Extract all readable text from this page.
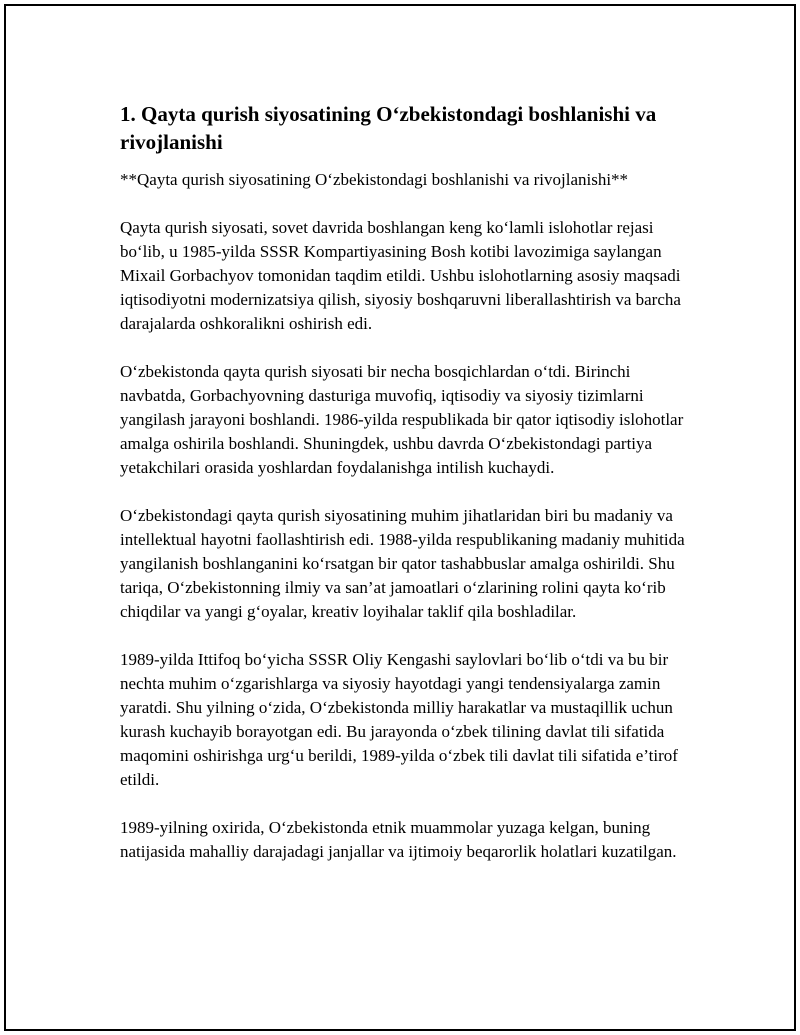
1. Qayta qurish siyosatining O‘zbekistondagi boshlanishi va rivojlanishi

**Qayta qurish siyosatining O‘zbekistondagi boshlanishi va rivojlanishi**

Qayta qurish siyosati, sovet davrida boshlangan keng ko‘lamli islohotlar rejasi bo‘lib, u 1985-yilda SSSR Kompartiyasining Bosh kotibi lavozimiga saylangan Mixail Gorbachyov tomonidan taqdim etildi. Ushbu islohotlarning asosiy maqsadi iqtisodiyotni modernizatsiya qilish, siyosiy boshqaruvni liberallashtirish va barcha darajalarda oshkoralikni oshirish edi.

O‘zbekistonda qayta qurish siyosati bir necha bosqichlardan o‘tdi. Birinchi navbatda, Gorbachyovning dasturiga muvofiq, iqtisodiy va siyosiy tizimlarni yangilash jarayoni boshlandi. 1986-yilda respublikada bir qator iqtisodiy islohotlar amalga oshirila boshlandi. Shuningdek, ushbu davrda O‘zbekistondagi partiya yetakchilari orasida yoshlardan foydalanishga intilish kuchaydi.

O‘zbekistondagi qayta qurish siyosatining muhim jihatlaridan biri bu madaniy va intellektual hayotni faollashtirish edi. 1988-yilda respublikaning madaniy muhitida yangilanish boshlanganini ko‘rsatgan bir qator tashabbuslar amalga oshirildi. Shu tariqa, O‘zbekistonning ilmiy va san’at jamoatlari o‘zlarining rolini qayta ko‘rib chiqdilar va yangi g‘oyalar, kreativ loyihalar taklif qila boshladilar.

1989-yilda Ittifoq bo‘yicha SSSR Oliy Kengashi saylovlari bo‘lib o‘tdi va bu bir nechta muhim o‘zgarishlarga va siyosiy hayotdagi yangi tendensiyalarga zamin yaratdi. Shu yilning o‘zida, O‘zbekistonda milliy harakatlar va mustaqillik uchun kurash kuchayib borayotgan edi. Bu jarayonda o‘zbek tilining davlat tili sifatida maqomini oshirishga urg‘u berildi, 1989-yilda o‘zbek tili davlat tili sifatida e’tirof etildi.

1989-yilning oxirida, O‘zbekistonda etnik muammolar yuzaga kelgan, buning natijasida mahalliy darajadagi janjallar va ijtimoiy beqarorlik holatlari kuzatilgan.
